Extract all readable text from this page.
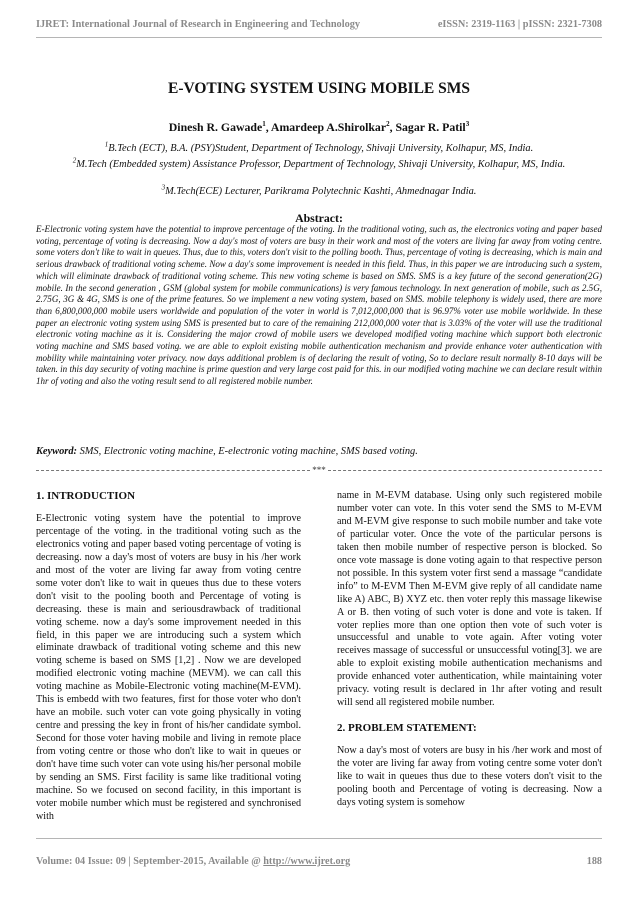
IJRET: International Journal of Research in Engineering and Technology	eISSN: 2319-1163 | pISSN: 2321-7308
E-VOTING SYSTEM USING MOBILE SMS
Dinesh R. Gawade$^1$, Amardeep A.Shirolkar$^2$, Sagar R. Patil$^3$
$^1$B.Tech (ECT), B.A. (PSY)Student, Department of Technology, Shivaji University, Kolhapur, MS, India.
$^2$M.Tech (Embedded system) Assistance Professor, Department of Technology, Shivaji University, Kolhapur, MS, India.
$^3$M.Tech(ECE) Lecturer, Parikrama Polytechnic Kashti, Ahmednagar India.
Abstract:
E-Electronic voting system have the potential to improve percentage of the voting. In the traditional voting, such as, the electronics voting and paper based voting, percentage of voting is decreasing. Now a day's most of voters are busy in their work and most of the voters are living far away from voting centre. some voters don't like to wait in queues. Thus, due to this, voters don't visit to the polling booth. Thus, percentage of voting is decreasing, which is main and serious drawback of traditional voting scheme. Now a day's some improvement is needed in this field. Thus, in this paper we are introducing such a system, which will eliminate drawback of traditional voting scheme. This new voting scheme is based on SMS. SMS is a key future of the second generation(2G) mobile. In the second generation , GSM (global system for mobile communications) is very famous technology. In next generation of mobile, such as 2.5G, 2.75G, 3G & 4G, SMS is one of the prime features. So we implement a new voting system, based on SMS. mobile telephony is widely used, there are more than 6,800,000,000 mobile users worldwide and population of the voter in world is 7,012,000,000 that is 96.97% voter use mobile worldwide. In these paper an electronic voting system using SMS is presented but to care of the remaining 212,000,000 voter that is 3.03% of the voter will use the traditional electronic voting machine as it is. Considering the major crowd of mobile users we developed modified voting machine which support both electronic voting machine and SMS based voting. we are able to exploit existing mobile authentication mechanism and provide enhance voter authentication with mobility while maintaining voter privacy. now days additional problem is of declaring the result of voting, So to declare result normally 8-10 days will be taken. in this day security of voting machine is prime question and very large cost paid for this. in our modified voting machine we can declare result within 1hr of voting and also the voting result send to all registered mobile number.
Keyword: SMS, Electronic voting machine, E-electronic voting machine, SMS based voting.
***
1. INTRODUCTION

E-Electronic voting system have the potential to improve percentage of the voting. in the traditional voting such as the electronics voting and paper based voting percentage of voting is decreasing. now a day's most of voters are busy in his /her work and most of the voter are living far away from voting centre some voter don't like to wait in queues thus due to these voters don't visit to the pooling booth and Percentage of voting is decreasing. these is main and seriousdrawback of traditional voting scheme. now a day's some improvement needed in this field, in this paper we are introducing such a system which eliminate drawback of traditional voting scheme and this new voting scheme is based on SMS [1,2] . Now we are developed modified electronic voting machine (MEVM). we can call this voting machine as Mobile-Electronic voting machine(M-EVM). This is embedd with two features, first for those voter who don't have an mobile. such voter can vote going physically in voting centre and pressing the key in front of his/her candidate symbol. Second for those voter having mobile and living in remote place from voting centre or those who don't like to wait in queues or don't have time such voter can vote using his/her personal mobile by sending an SMS. First facility is same like traditional voting machine. So we focused on second facility, in this important is voter mobile number which must be registered and synchronised with

name in M-EVM database. Using only such registered mobile number voter can vote. In this voter send the SMS to M-EVM and M-EVM give response to such mobile number and take vote of particular voter. Once the vote of the particular persons is taken then mobile number of respective person is blocked. So once vote massage is done voting again to that respective person not possible. In this system voter first send a massage “candidate info” to M-EVM Then M-EVM give reply of all candidate name like A) ABC, B) XYZ etc. then voter reply this massage likewise A or B. then voting of such voter is done and vote is taken. If voter replies more than one option then vote of such voter is unsuccessful and unable to vote again. After voting voter receives massage of successful or unsuccessful voting[3]. we are able to exploit existing mobile authentication mechanisms and provide enhanced voter authentication, while maintaining voter privacy. voting result is declared in 1hr after voting and result will send all registered mobile number.

2. PROBLEM STATEMENT:

Now a day's most of voters are busy in his /her work and most of the voter are living far away from voting centre some voter don't like to wait in queues thus due to these voters don't visit to the pooling booth and Percentage of voting is decreasing. Now a days voting system is somehow

Volume: 04 Issue: 09 | September-2015, Available @ http://www.ijret.org	188
